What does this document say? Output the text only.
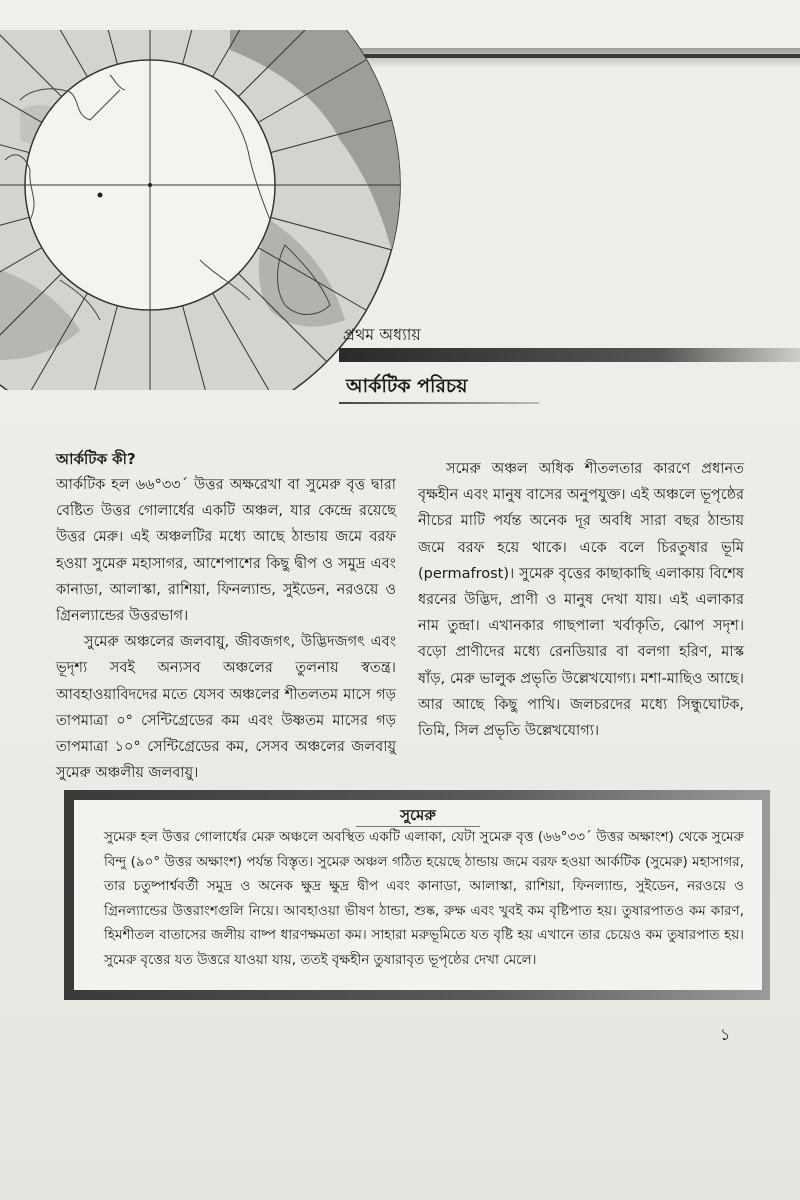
প্রথম অধ্যায়
আর্কটিক পরিচয়
আর্কটিক কী?

আর্কটিক হল ৬৬°৩৩´ উত্তর অক্ষরেখা বা সুমেরু বৃত্ত দ্বারা বেষ্টিত উত্তর গোলার্ধের একটি অঞ্চল, যার কেন্দ্রে রয়েছে উত্তর মেরু। এই অঞ্চলটির মধ্যে আছে ঠান্ডায় জমে বরফ হওয়া সুমেরু মহাসাগর, আশেপাশের কিছু দ্বীপ ও সমুদ্র এবং কানাডা, আলাস্কা, রাশিয়া, ফিনল্যান্ড, সুইডেন, নরওয়ে ও গ্রিনল্যান্ডের উত্তরভাগ।

সুমেরু অঞ্চলের জলবায়ু, জীবজগৎ, উদ্ভিদজগৎ এবং ভূদৃশ্য সবই অন্যসব অঞ্চলের তুলনায় স্বতন্ত্র। আবহাওয়াবিদদের মতে যেসব অঞ্চলের শীতলতম মাসে গড় তাপমাত্রা ০° সেন্টিগ্রেডের কম এবং উষ্ণতম মাসের গড় তাপমাত্রা ১০° সেন্টিগ্রেডের কম, সেসব অঞ্চলের জলবায়ু সুমেরু অঞ্চলীয় জলবায়ু।

সমেরু অঞ্চল অধিক শীতলতার কারণে প্রধানত বৃক্ষহীন এবং মানুষ বাসের অনুপযুক্ত। এই অঞ্চলে ভূপৃষ্ঠের নীচের মাটি পর্যন্ত অনেক দূর অবধি সারা বছর ঠান্ডায় জমে বরফ হয়ে থাকে। একে বলে চিরতুষার ভূমি (permafrost)। সুমেরু বৃত্তের কাছাকাছি এলাকায় বিশেষ ধরনের উদ্ভিদ, প্রাণী ও মানুষ দেখা যায়। এই এলাকার নাম তুন্দ্রা। এখানকার গাছপালা খর্বাকৃতি, ঝোপ সদৃশ। বড়ো প্রাণীদের মধ্যে রেনডিয়ার বা বলগা হরিণ, মাস্ক ষাঁড়, মেরু ভালুক প্রভৃতি উল্লেখযোগ্য। মশা-মাছিও আছে। আর আছে কিছু পাখি। জলচরদের মধ্যে সিন্ধুঘোটক, তিমি, সিল প্রভৃতি উল্লেখযোগ্য।

সুমেরু
সুমেরু হল উত্তর গোলার্ধের মেরু অঞ্চলে অবস্থিত একটি এলাকা, যেটা সুমেরু বৃত্ত (৬৬°৩৩´ উত্তর অক্ষাংশ) থেকে সুমেরু বিন্দু (৯০° উত্তর অক্ষাংশ) পর্যন্ত বিস্তৃত। সুমেরু অঞ্চল গঠিত হয়েছে ঠান্ডায় জমে বরফ হওয়া আর্কটিক (সুমেরু) মহাসাগর, তার চতুষ্পার্শ্ববর্তী সমুদ্র ও অনেক ক্ষুদ্র ক্ষুদ্র দ্বীপ এবং কানাডা, আলাস্কা, রাশিয়া, ফিনল্যান্ড, সুইডেন, নরওয়ে ও গ্রিনল্যান্ডের উত্তরাংশগুলি নিয়ে। আবহাওয়া ভীষণ ঠান্ডা, শুষ্ক, রুক্ষ এবং খুবই কম বৃষ্টিপাত হয়। তুষারপাতও কম কারণ, হিমশীতল বাতাসের জলীয় বাষ্প ধারণক্ষমতা কম। সাহারা মরুভূমিতে যত বৃষ্টি হয় এখানে তার চেয়েও কম তুষারপাত হয়। সুমেরু বৃত্তের যত উত্তরে যাওয়া যায়, ততই বৃক্ষহীন তুষারাবৃত ভূপৃষ্ঠের দেখা মেলে।
১
